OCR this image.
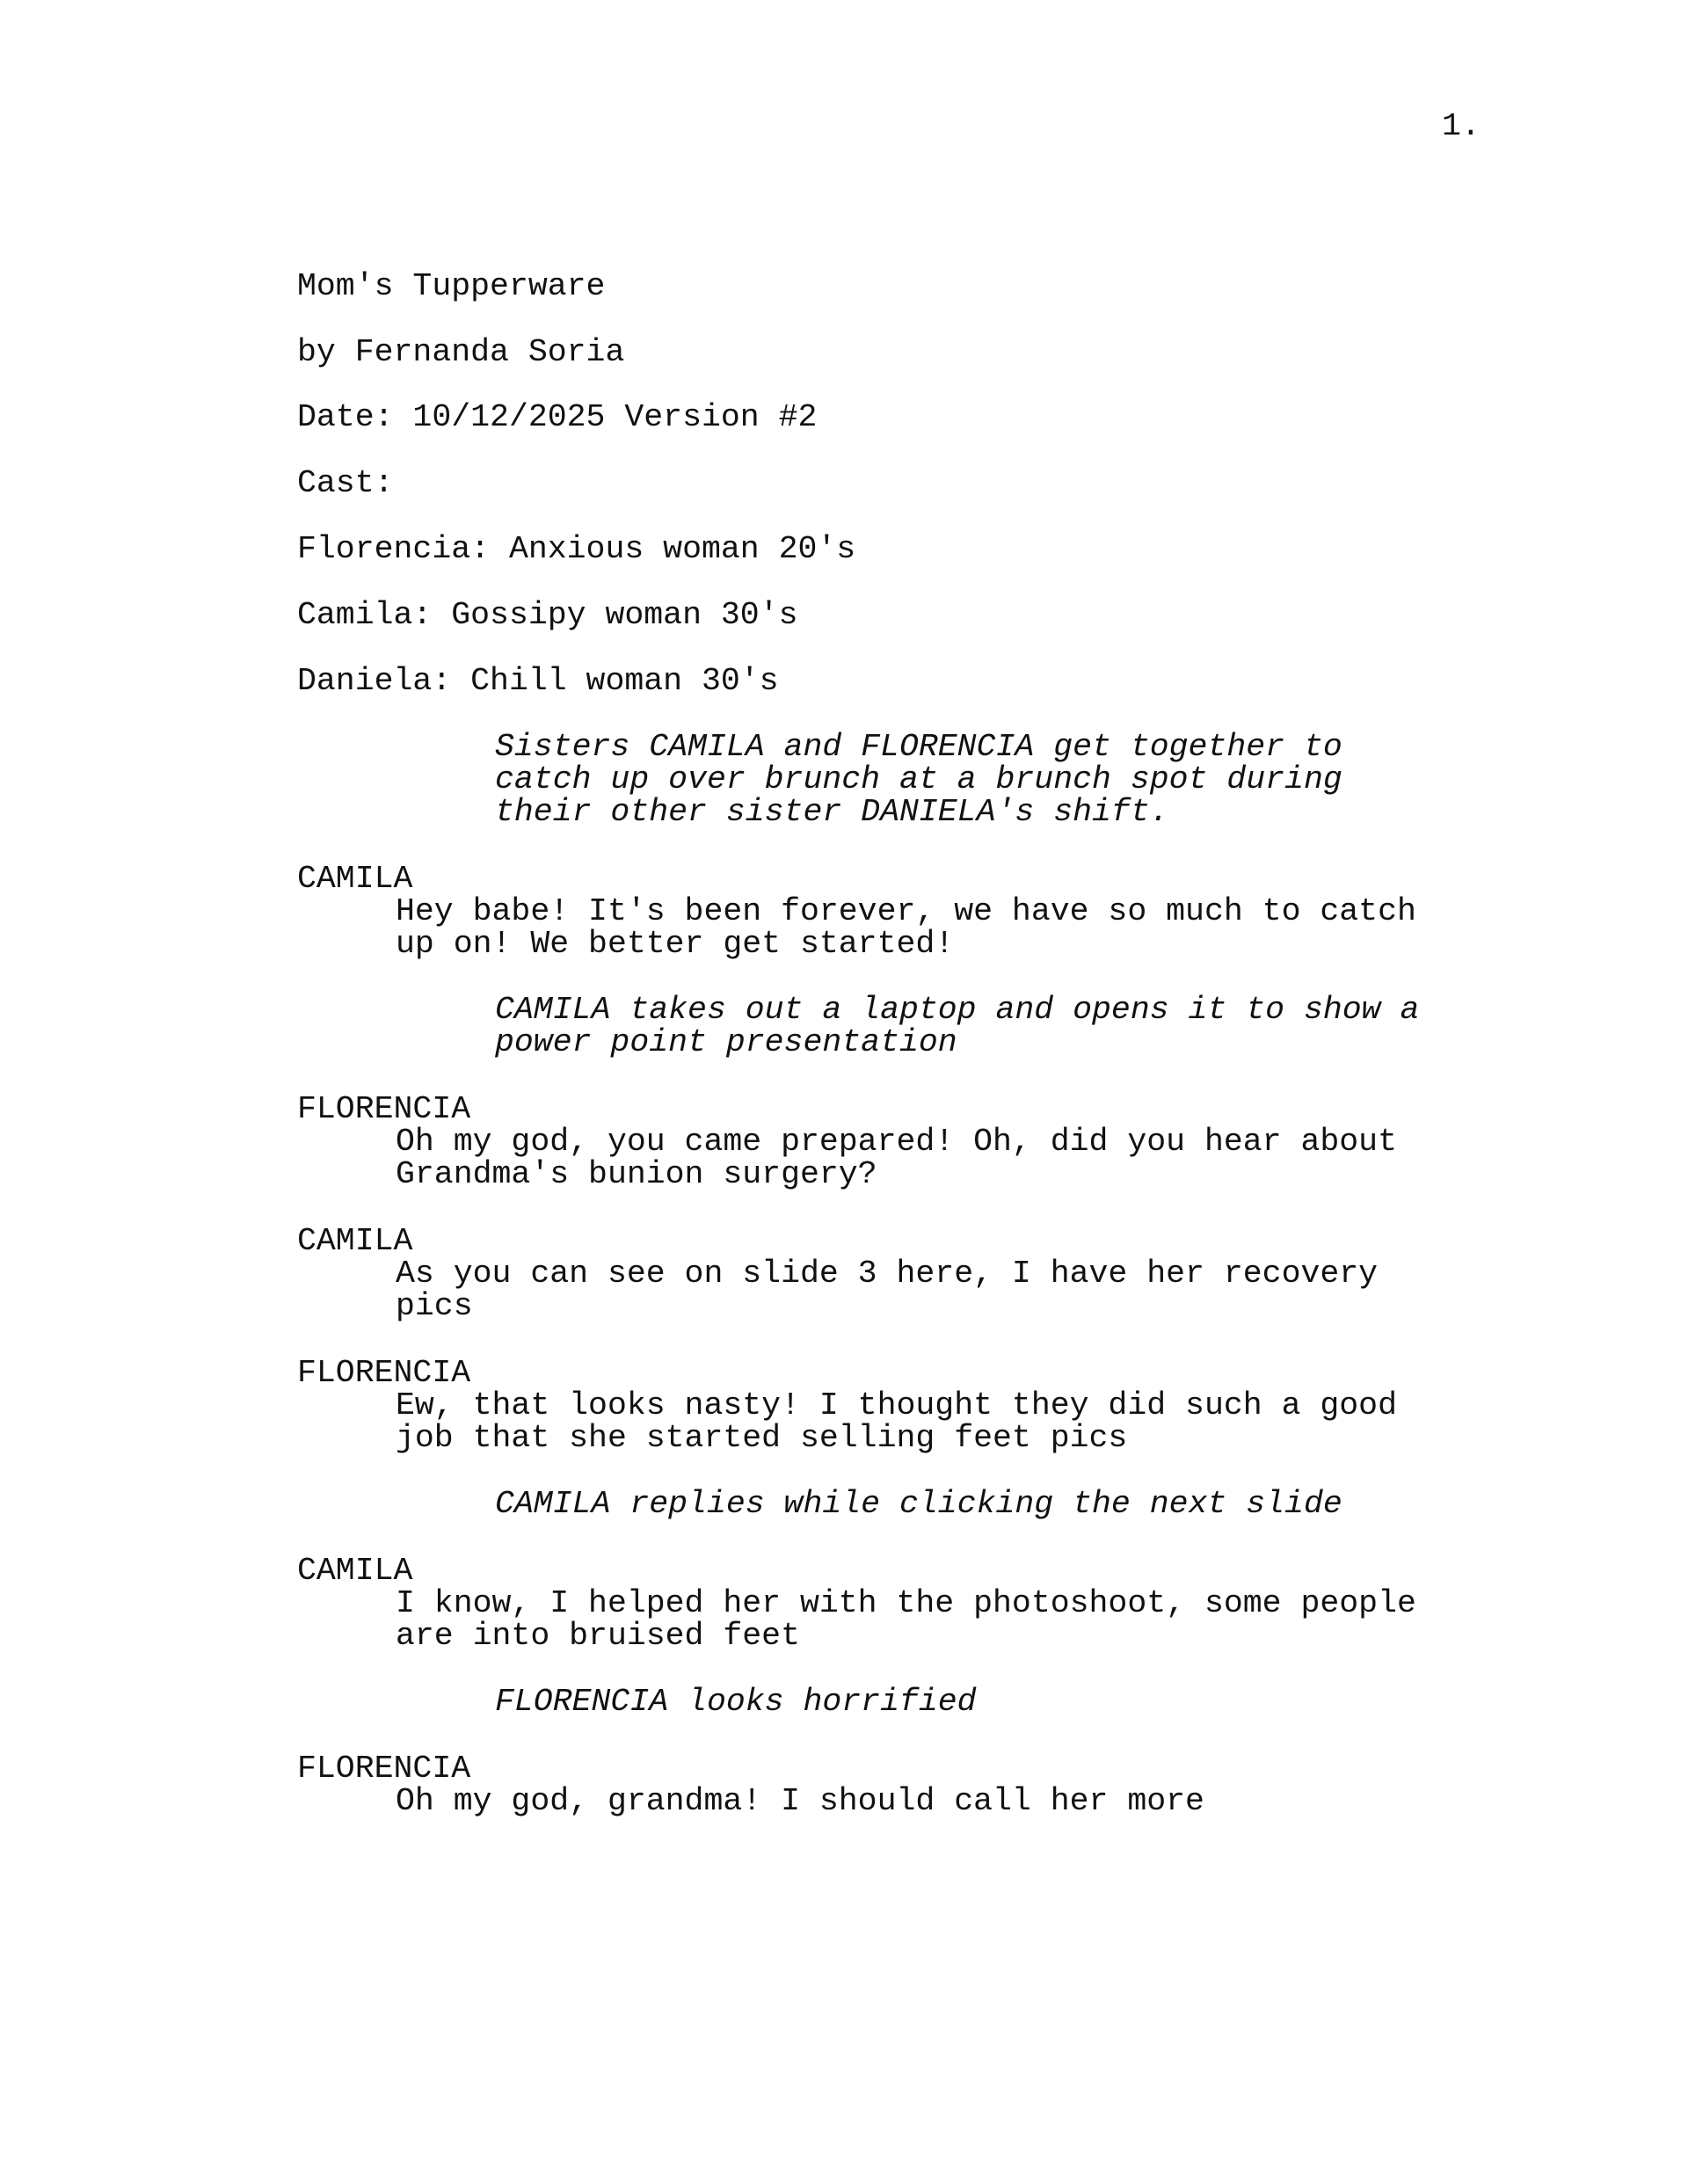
1.
Mom's Tupperware
by Fernanda Soria
Date: 10/12/2025 Version #2
Cast:
Florencia: Anxious woman 20's
Camila: Gossipy woman 30's
Daniela: Chill woman 30's
Sisters CAMILA and FLORENCIA get together to
catch up over brunch at a brunch spot during
their other sister DANIELA's shift.
CAMILA
Hey babe! It's been forever, we have so much to catch
up on! We better get started!
CAMILA takes out a laptop and opens it to show a
power point presentation
FLORENCIA
Oh my god, you came prepared! Oh, did you hear about
Grandma's bunion surgery?
CAMILA
As you can see on slide 3 here, I have her recovery
pics
FLORENCIA
Ew, that looks nasty! I thought they did such a good
job that she started selling feet pics
CAMILA replies while clicking the next slide
CAMILA
I know, I helped her with the photoshoot, some people
are into bruised feet
FLORENCIA looks horrified
FLORENCIA
Oh my god, grandma! I should call her more
